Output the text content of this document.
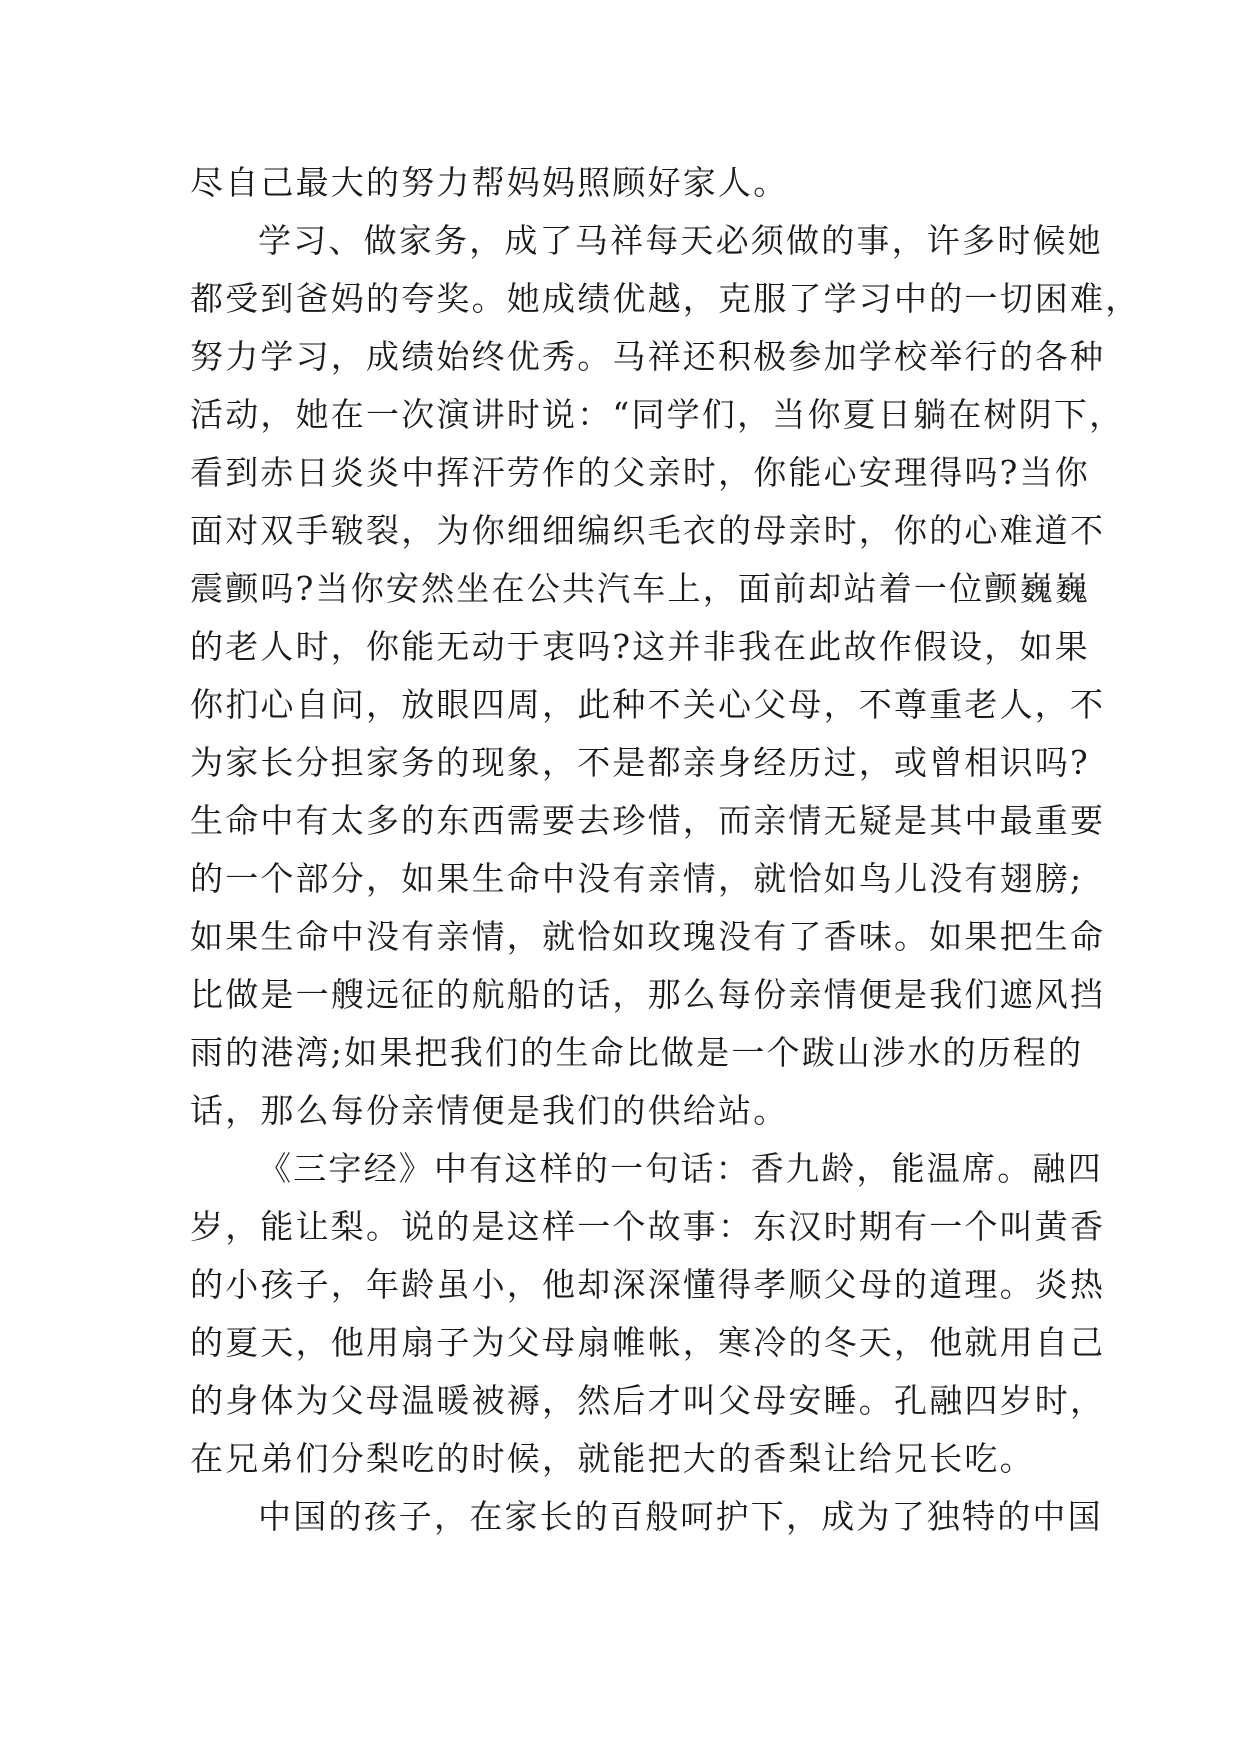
尽自己最大的努力帮妈妈照顾好家人。
学习、做家务，成了马祥每天必须做的事，许多时候她
都受到爸妈的夸奖。她成绩优越，克服了学习中的一切困难，
努力学习，成绩始终优秀。马祥还积极参加学校举行的各种
活动，她在一次演讲时说：“同学们，当你夏日躺在树阴下，
看到赤日炎炎中挥汗劳作的父亲时，你能心安理得吗?当你
面对双手皲裂，为你细细编织毛衣的母亲时，你的心难道不
震颤吗?当你安然坐在公共汽车上，面前却站着一位颤巍巍
的老人时，你能无动于衷吗?这并非我在此故作假设，如果
你扪心自问，放眼四周，此种不关心父母，不尊重老人，不
为家长分担家务的现象，不是都亲身经历过，或曾相识吗?
生命中有太多的东西需要去珍惜，而亲情无疑是其中最重要
的一个部分，如果生命中没有亲情，就恰如鸟儿没有翅膀;
如果生命中没有亲情，就恰如玫瑰没有了香味。如果把生命
比做是一艘远征的航船的话，那么每份亲情便是我们遮风挡
雨的港湾;如果把我们的生命比做是一个跋山涉水的历程的
话，那么每份亲情便是我们的供给站。
《三字经》中有这样的一句话：香九龄，能温席。融四
岁，能让梨。说的是这样一个故事：东汉时期有一个叫黄香
的小孩子，年龄虽小，他却深深懂得孝顺父母的道理。炎热
的夏天，他用扇子为父母扇帷帐，寒冷的冬天，他就用自己
的身体为父母温暖被褥，然后才叫父母安睡。孔融四岁时，
在兄弟们分梨吃的时候，就能把大的香梨让给兄长吃。
中国的孩子，在家长的百般呵护下，成为了独特的中国
